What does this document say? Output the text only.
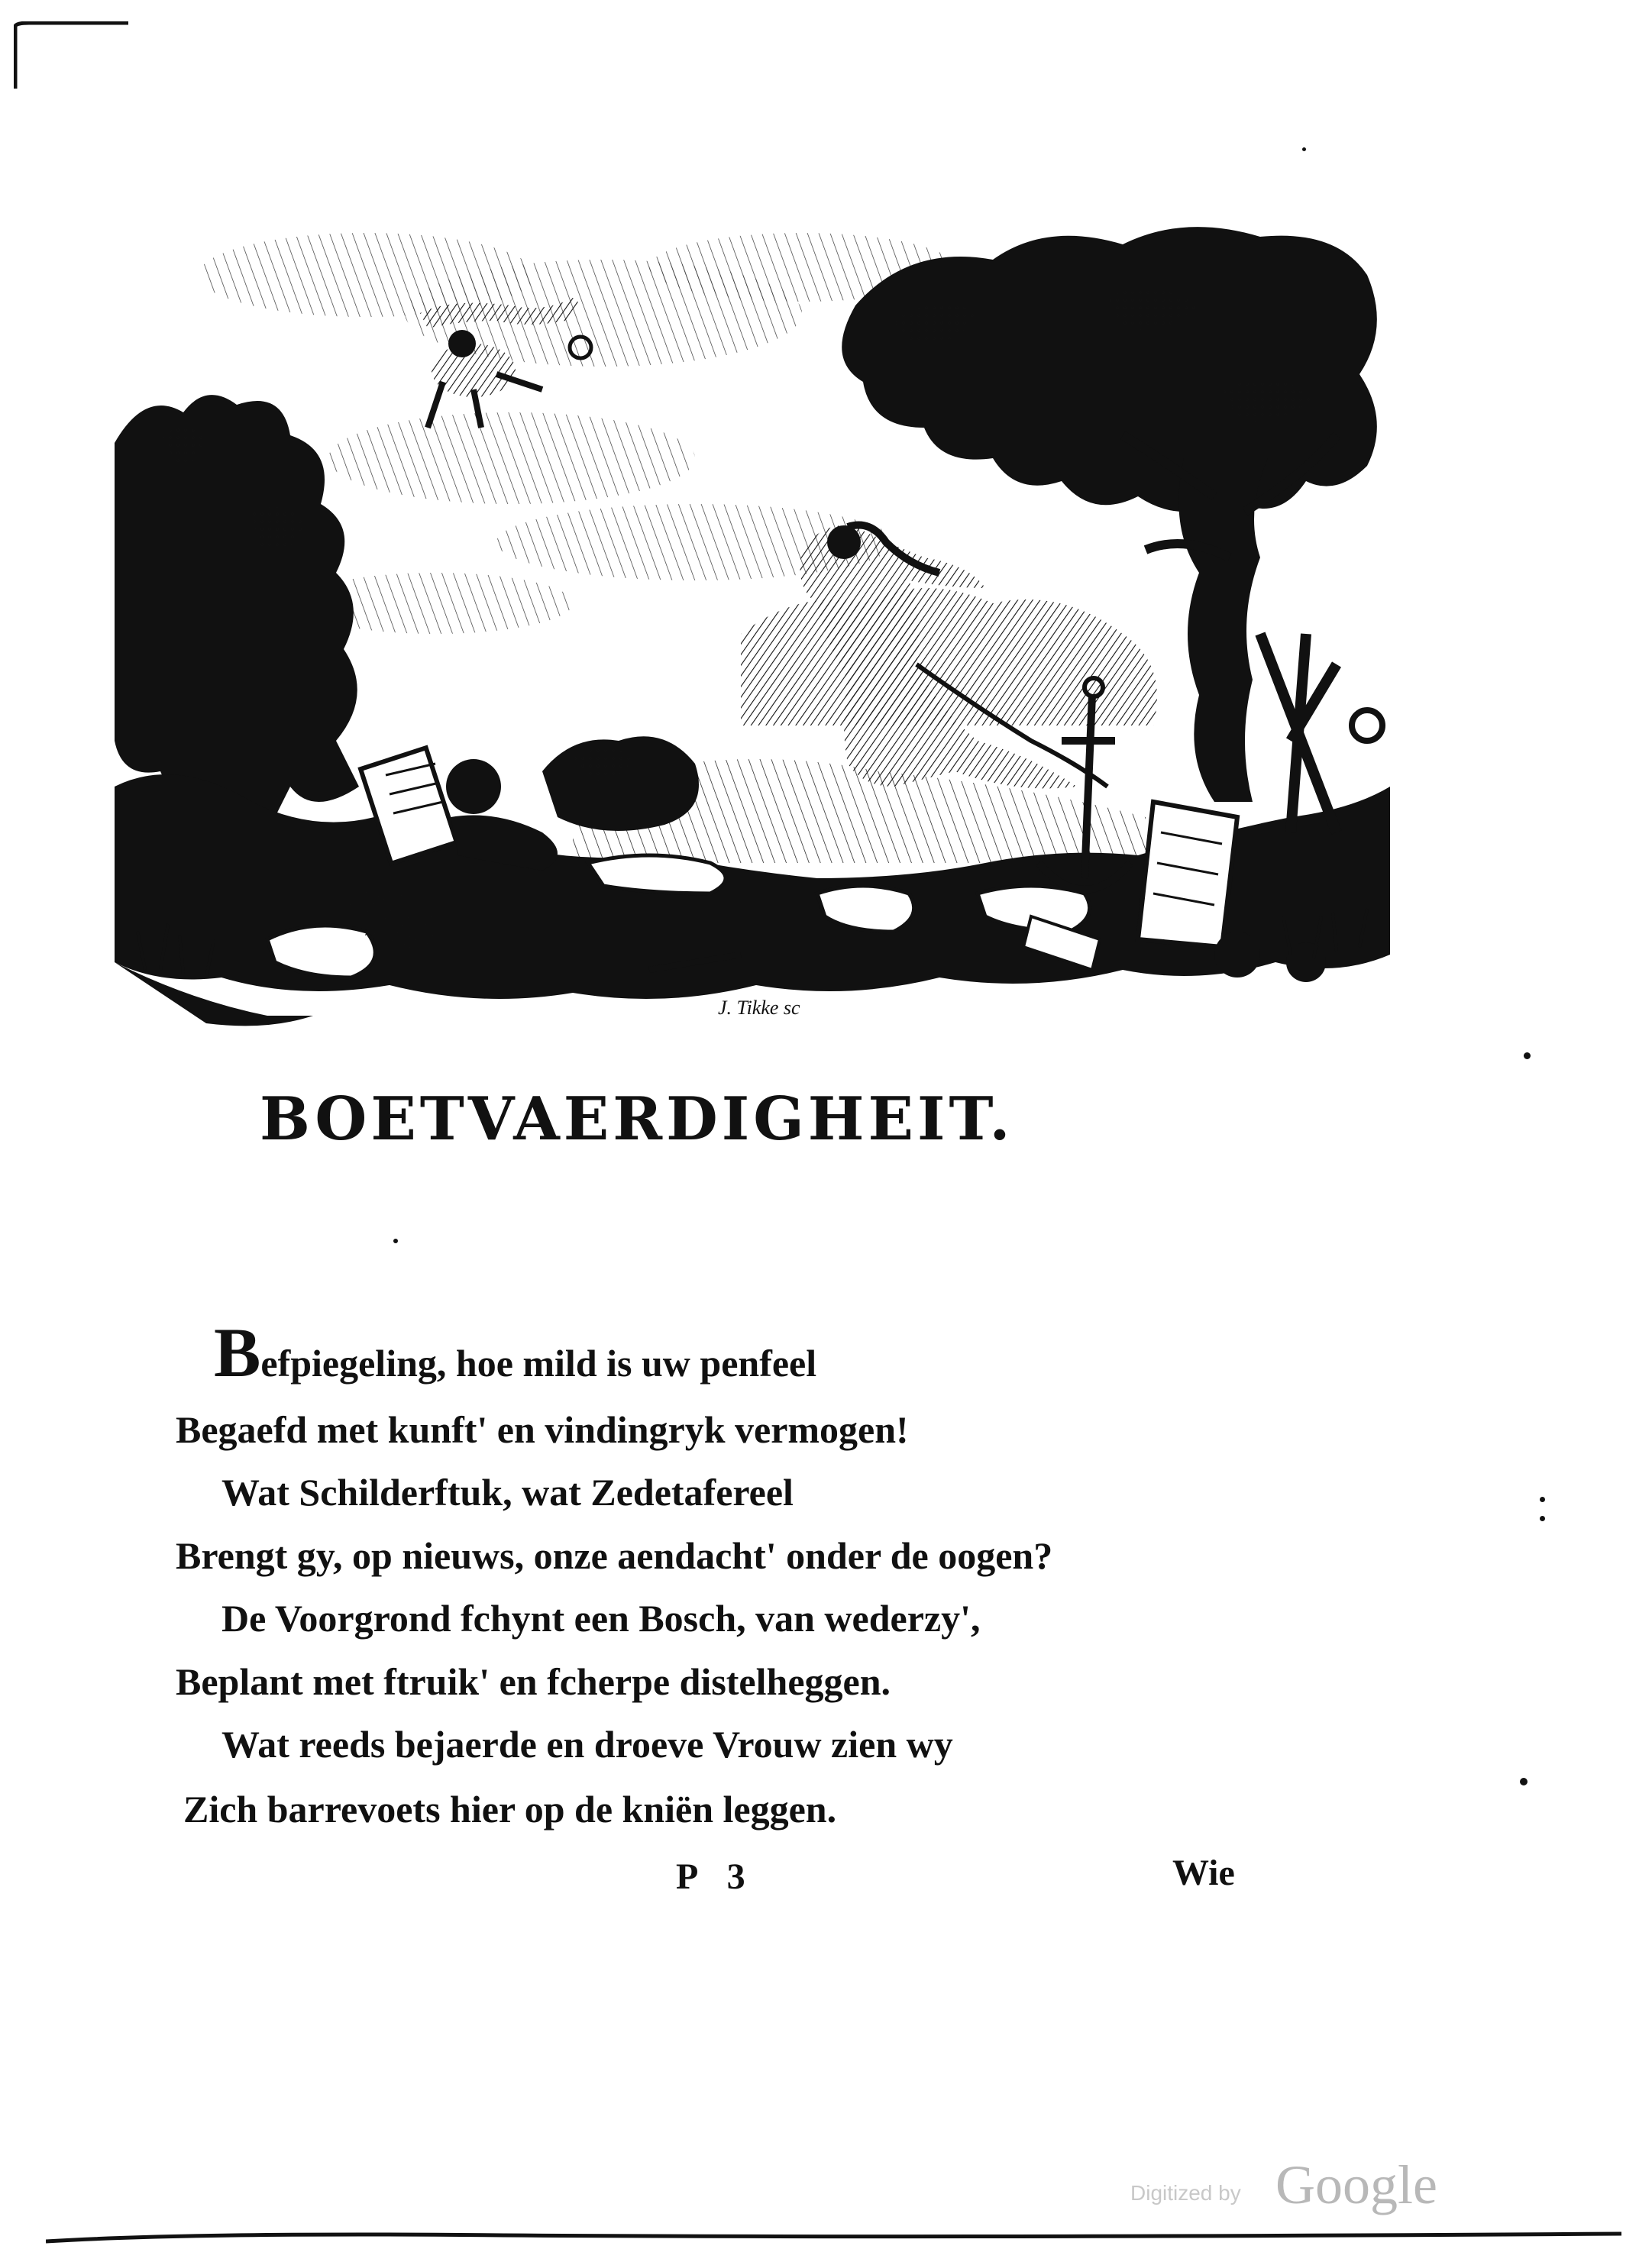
J. Tikke sc
BOETVAERDIGHEIT.
Befpiegeling, hoe mild is uw penfeel
Begaefd met kunft' en vindingryk vermogen!
Wat Schilderftuk, wat Zedetafereel
Brengt gy, op nieuws, onze aendacht' onder de oogen?
De Voorgrond fchynt een Bosch, van wederzy',
Beplant met ftruik' en fcherpe distelheggen.
Wat reeds bejaerde en droeve Vrouw zien wy
Zich barrevoets hier op de kniën leggen.
P 3	Wie
Digitized by Google
